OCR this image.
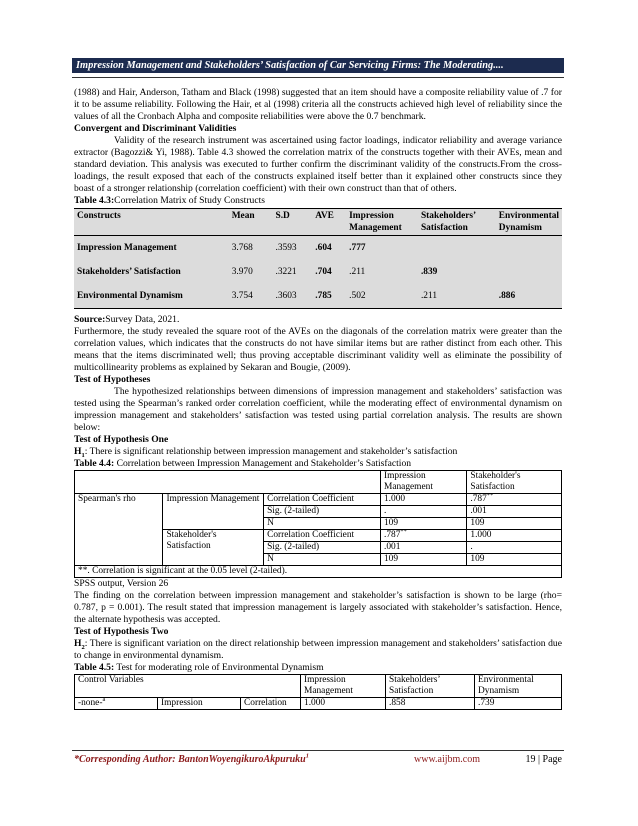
Impression Management and Stakeholders’ Satisfaction of Car Servicing Firms: The Moderating....

(1988) and Hair, Anderson, Tatham and Black (1998) suggested that an item should have a composite reliability value of .7 for it to be assume reliability. Following the Hair, et al (1998) criteria all the constructs achieved high level of reliability since the values of all the Cronbach Alpha and composite reliabilities were above the 0.7 benchmark.

Convergent and Discriminant Validities

Validity of the research instrument was ascertained using factor loadings, indicator reliability and average variance extractor (Bagozzi& Yi, 1988). Table 4.3 showed the correlation matrix of the constructs together with their AVEs, mean and standard deviation. This analysis was executed to further confirm the discriminant validity of the constructs.From the cross-loadings, the result exposed that each of the constructs explained itself better than it explained other constructs since they boast of a stronger relationship (correlation coefficient) with their own construct than that of others.

Table 4.3:Correlation Matrix of Study Constructs

Constructs	Mean	S.D	AVE	Impression Management	Stakeholders’ Satisfaction	Environmental Dynamism
Impression Management	3.768	.3593	.604	.777		
Stakeholders’ Satisfaction	3.970	.3221	.704	.211	.839	
Environmental Dynamism	3.754	.3603	.785	.502	.211	.886

Source:Survey Data, 2021.

Furthermore, the study revealed the square root of the AVEs on the diagonals of the correlation matrix were greater than the correlation values, which indicates that the constructs do not have similar items but are rather distinct from each other. This means that the items discriminated well; thus proving acceptable discriminant validity well as eliminate the possibility of multicollinearity problems as explained by Sekaran and Bougie, (2009).

Test of Hypotheses

The hypothesized relationships between dimensions of impression management and stakeholders’ satisfaction was tested using the Spearman’s ranked order correlation coefficient, while the moderating effect of environmental dynamism on impression management and stakeholders’ satisfaction was tested using partial correlation analysis. The results are shown below:

Test of Hypothesis One

$H_1$: There is significant relationship between impression management and stakeholder’s satisfaction

Table 4.4: Correlation between Impression Management and Stakeholder’s Satisfaction

			Impression Management	Stakeholder's Satisfaction
Spearman's rho	Impression Management	Correlation Coefficient	1.000	.787**
		Sig. (2-tailed)	.	.001
		N	109	109
	Stakeholder's Satisfaction	Correlation Coefficient	.787**	1.000
		Sig. (2-tailed)	.001	.
		N	109	109
**. Correlation is significant at the 0.05 level (2-tailed).				

SPSS output, Version 26

The finding on the correlation between impression management and stakeholder’s satisfaction is shown to be large (rho= 0.787, p = 0.001). The result stated that impression management is largely associated with stakeholder’s satisfaction. Hence, the alternate hypothesis was accepted.

Test of Hypothesis Two

$H_2$: There is significant variation on the direct relationship between impression management and stakeholders’ satisfaction due to change in environmental dynamism.

Table 4.5: Test for moderating role of Environmental Dynamism

Control Variables			Impression Management	Stakeholders’ Satisfaction	Environmental Dynamism
-none-$^a$	Impression	Correlation	1.000	.858	.739
*Corresponding Author: BantonWoyengikuroAkpuruku$^1$	www.aijbm.com	19 | Page
